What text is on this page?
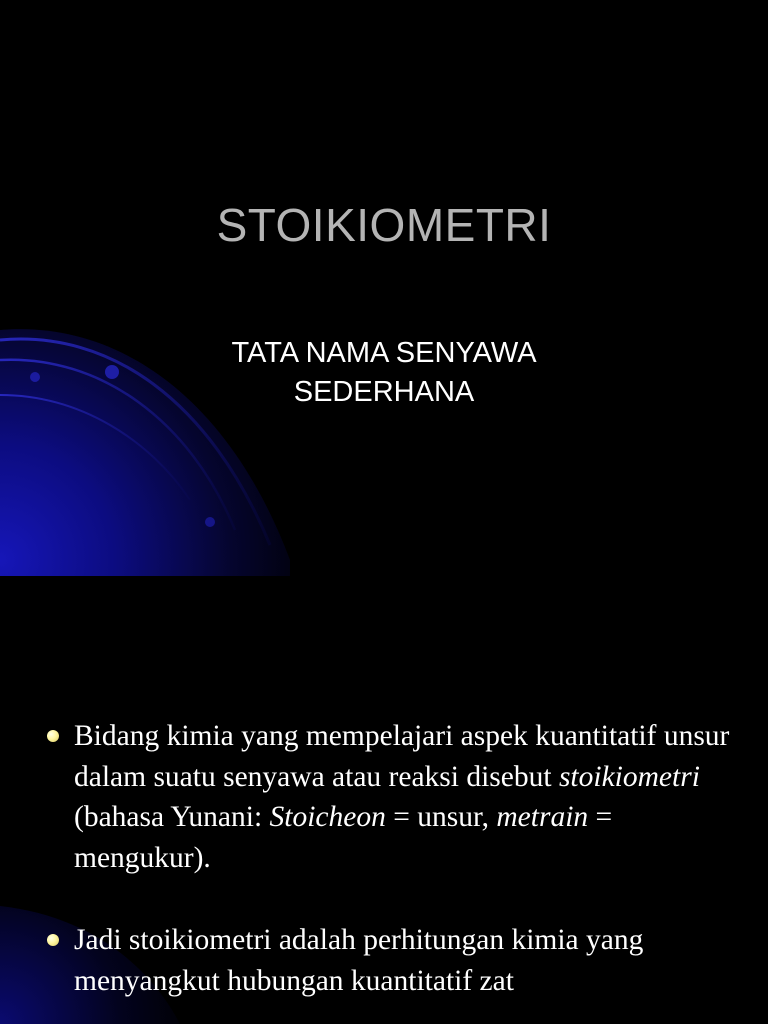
STOIKIOMETRI
TATA NAMA SENYAWA
SEDERHANA
Bidang kimia yang mempelajari aspek kuantitatif unsur dalam suatu senyawa atau reaksi disebut stoikiometri (bahasa Yunani: Stoicheon = unsur, metrain = mengukur).
Jadi stoikiometri adalah perhitungan kimia yang menyangkut hubungan kuantitatif zat
